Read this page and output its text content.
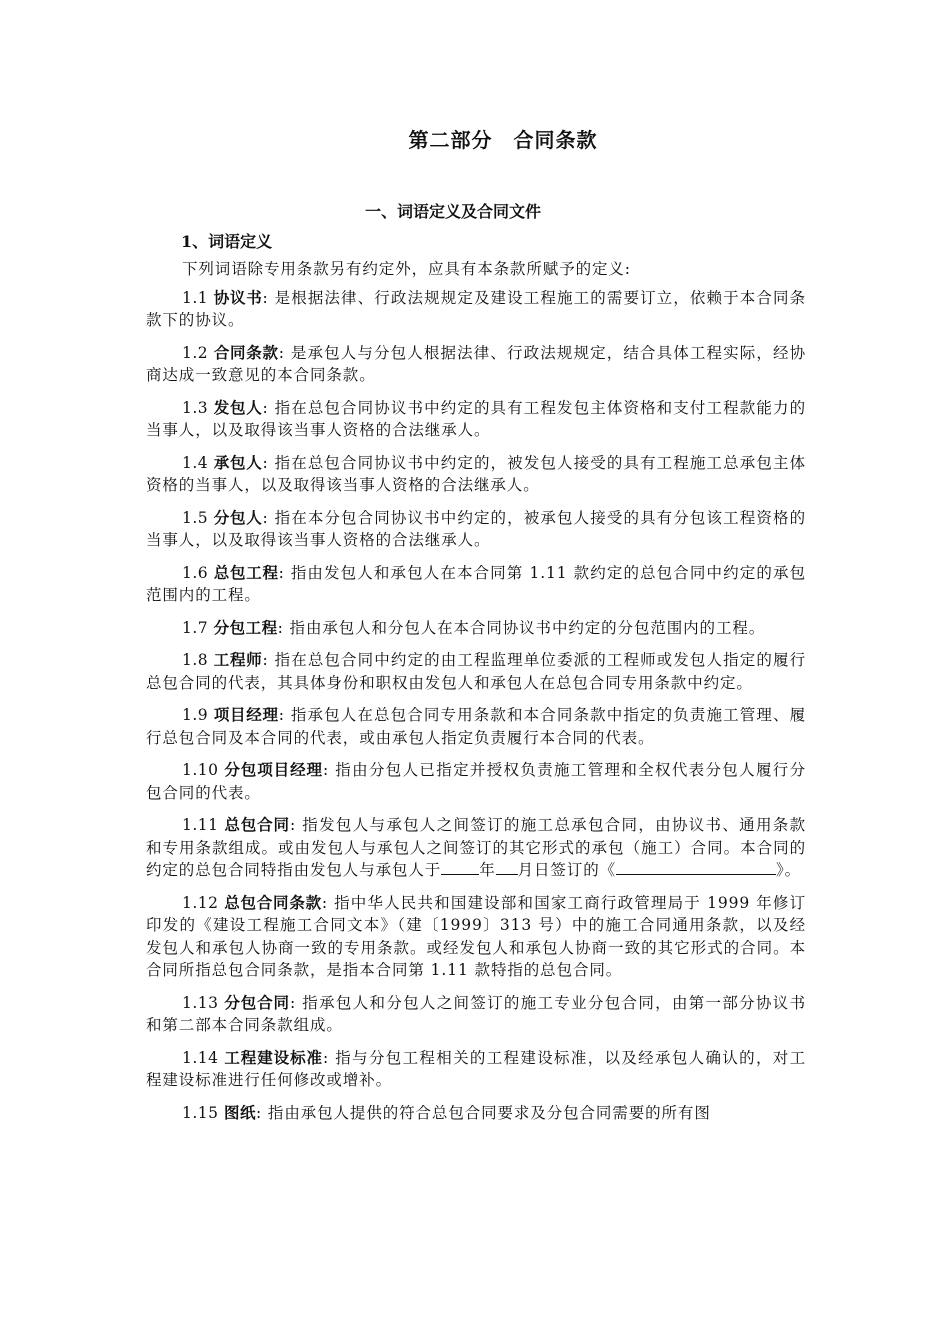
第二部分　合同条款
一、词语定义及合同文件
1、词语定义

下列词语除专用条款另有约定外，应具有本条款所赋予的定义:

1.1 协议书: 是根据法律、行政法规规定及建设工程施工的需要订立，依赖于本合同条款下的协议。

1.2 合同条款: 是承包人与分包人根据法律、行政法规规定，结合具体工程实际，经协商达成一致意见的本合同条款。

1.3 发包人: 指在总包合同协议书中约定的具有工程发包主体资格和支付工程款能力的当事人，以及取得该当事人资格的合法继承人。

1.4 承包人: 指在总包合同协议书中约定的，被发包人接受的具有工程施工总承包主体资格的当事人，以及取得该当事人资格的合法继承人。

1.5 分包人: 指在本分包合同协议书中约定的，被承包人接受的具有分包该工程资格的当事人，以及取得该当事人资格的合法继承人。

1.6 总包工程: 指由发包人和承包人在本合同第 1.11 款约定的总包合同中约定的承包范围内的工程。

1.7 分包工程: 指由承包人和分包人在本合同协议书中约定的分包范围内的工程。

1.8 工程师: 指在总包合同中约定的由工程监理单位委派的工程师或发包人指定的履行总包合同的代表，其具体身份和职权由发包人和承包人在总包合同专用条款中约定。

1.9 项目经理: 指承包人在总包合同专用条款和本合同条款中指定的负责施工管理、履行总包合同及本合同的代表，或由承包人指定负责履行本合同的代表。

1.10 分包项目经理: 指由分包人已指定并授权负责施工管理和全权代表分包人履行分包合同的代表。

1.11 总包合同: 指发包人与承包人之间签订的施工总承包合同，由协议书、通用条款和专用条款组成。或由发包人与承包人之间签订的其它形式的承包（施工）合同。本合同的约定的总包合同特指由发包人与承包人于 年 月日签订的《	》。

1.12 总包合同条款: 指中华人民共和国建设部和国家工商行政管理局于 1999 年修订印发的《建设工程施工合同文本》（建〔1999〕313 号）中的施工合同通用条款，以及经发包人和承包人协商一致的专用条款。或经发包人和承包人协商一致的其它形式的合同。本合同所指总包合同条款，是指本合同第 1.11 款特指的总包合同。

1.13 分包合同: 指承包人和分包人之间签订的施工专业分包合同，由第一部分协议书和第二部本合同条款组成。

1.14 工程建设标准: 指与分包工程相关的工程建设标准，以及经承包人确认的，对工程建设标准进行任何修改或增补。

1.15 图纸: 指由承包人提供的符合总包合同要求及分包合同需要的所有图
